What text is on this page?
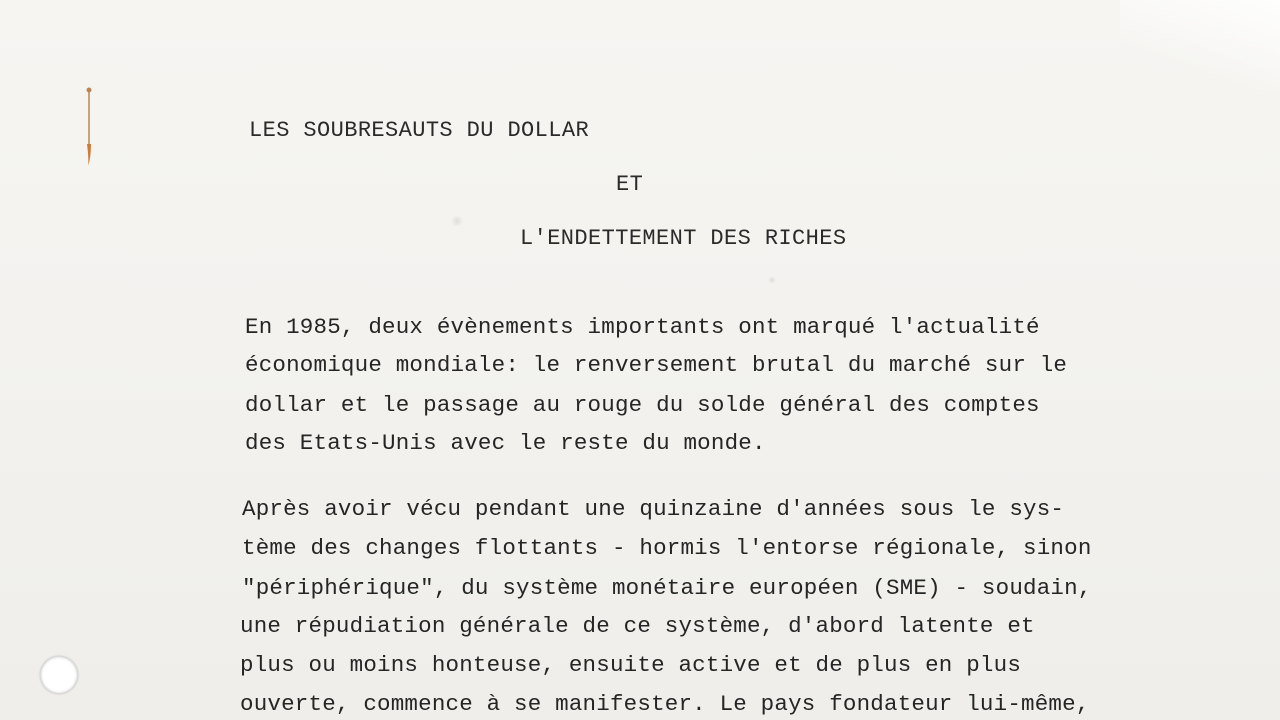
LES SOUBRESAUTS DU DOLLAR
ET
L'ENDETTEMENT DES RICHES
En 1985, deux évènements importants ont marqué l'actualité
économique mondiale: le renversement brutal du marché sur le
dollar et le passage au rouge du solde général des comptes
des Etats-Unis avec le reste du monde.
Après avoir vécu pendant une quinzaine d'années sous le sys-
tème des changes flottants - hormis l'entorse régionale, sinon
"périphérique", du système monétaire européen (SME) - soudain,
une répudiation générale de ce système, d'abord latente et
plus ou moins honteuse, ensuite active et de plus en plus
ouverte, commence à se manifester. Le pays fondateur lui-même,
